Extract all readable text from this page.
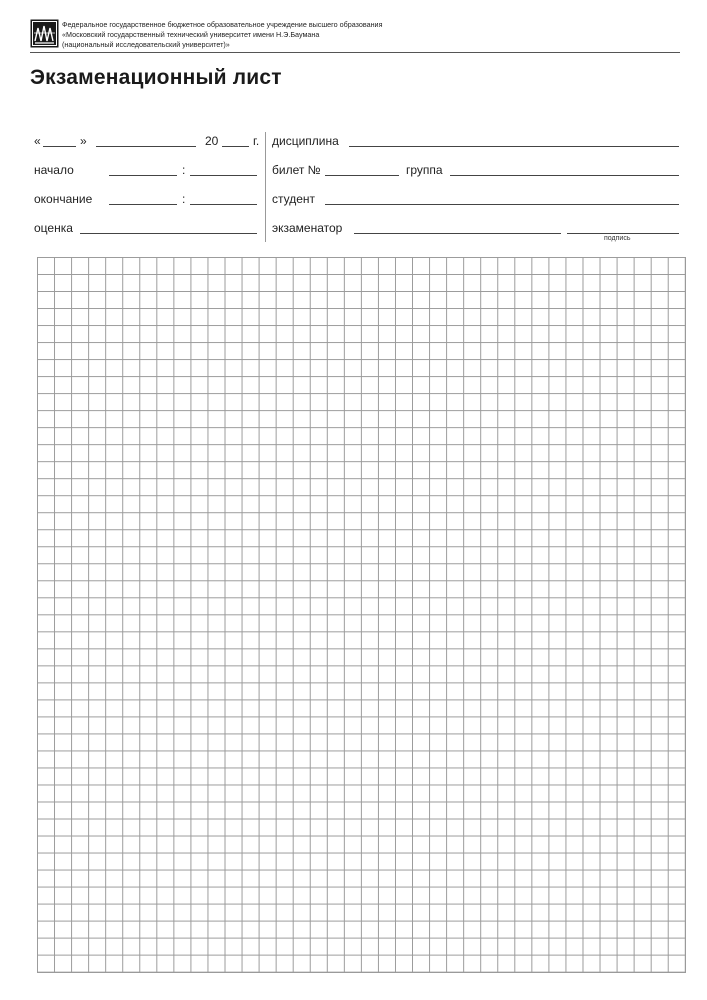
Федеральное государственное бюджетное образовательное учреждение высшего образования
«Московский государственный технический университет имени Н.Э.Баумана
(национальный исследовательский университет)»
Экзаменационный лист
«	»	20	г.
начало	:
окончание	:
оценка
дисциплина
билет №	группа
студент
экзаменатор
подпись
